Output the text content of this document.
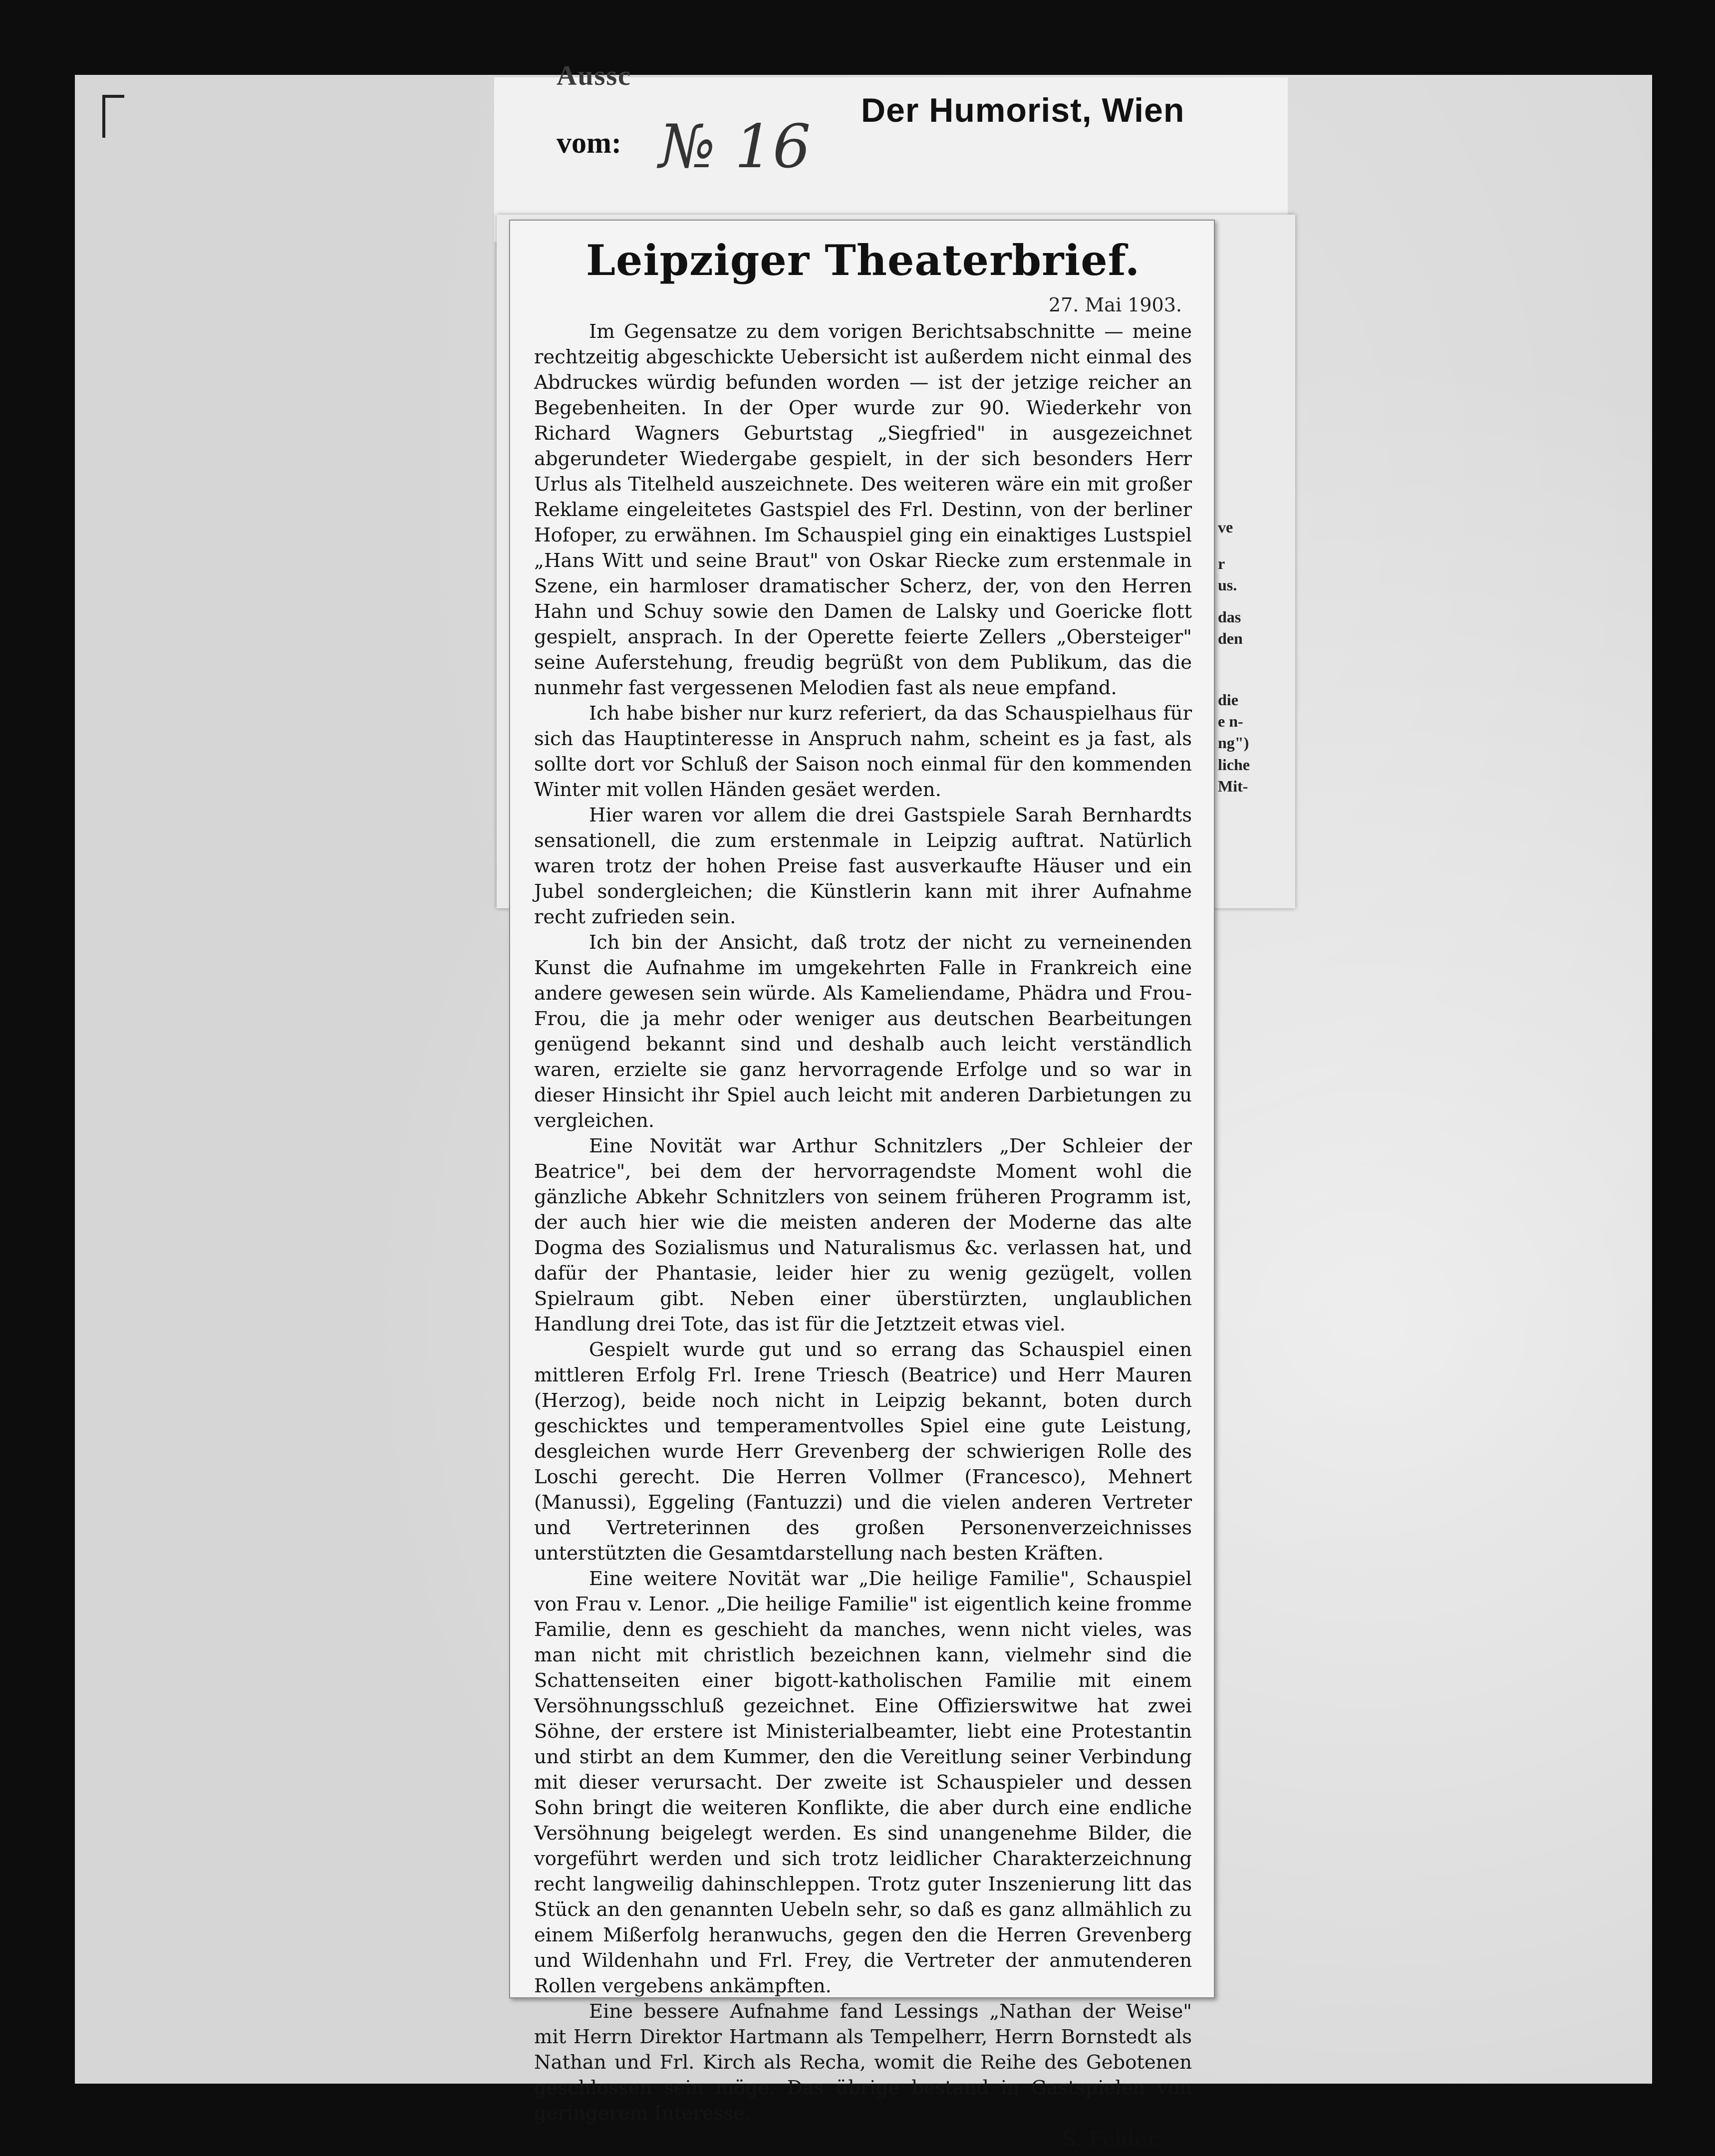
Aussc
vom: № 16
Der Humorist, Wien
ve
r
us.
das
den
die
e n-
ng")
liche
Mit-
Leipziger Theaterbrief.
27. Mai 1903.

Im Gegensatze zu dem vorigen Berichtsabschnitte — meine rechtzeitig abgeschickte Uebersicht ist außerdem nicht einmal des Abdruckes würdig befunden worden — ist der jetzige reicher an Begebenheiten. In der Oper wurde zur 90. Wiederkehr von Richard Wagners Geburtstag „Siegfried" in ausgezeichnet abgerundeter Wiedergabe gespielt, in der sich besonders Herr Urlus als Titelheld auszeichnete. Des weiteren wäre ein mit großer Reklame eingeleitetes Gastspiel des Frl. Destinn, von der berliner Hofoper, zu erwähnen. Im Schauspiel ging ein einaktiges Lustspiel „Hans Witt und seine Braut" von Oskar Riecke zum erstenmale in Szene, ein harmloser dramatischer Scherz, der, von den Herren Hahn und Schuy sowie den Damen de Lalsky und Goericke flott gespielt, ansprach. In der Operette feierte Zellers „Obersteiger" seine Auferstehung, freudig begrüßt von dem Publikum, das die nunmehr fast vergessenen Melodien fast als neue empfand.

Ich habe bisher nur kurz referiert, da das Schauspielhaus für sich das Hauptinteresse in Anspruch nahm, scheint es ja fast, als sollte dort vor Schluß der Saison noch einmal für den kommenden Winter mit vollen Händen gesäet werden.

Hier waren vor allem die drei Gastspiele Sarah Bernhardts sensationell, die zum erstenmale in Leipzig auftrat. Natürlich waren trotz der hohen Preise fast ausverkaufte Häuser und ein Jubel sondergleichen; die Künstlerin kann mit ihrer Aufnahme recht zufrieden sein.

Ich bin der Ansicht, daß trotz der nicht zu verneinenden Kunst die Aufnahme im umgekehrten Falle in Frankreich eine andere gewesen sein würde. Als Kameliendame, Phädra und Frou-Frou, die ja mehr oder weniger aus deutschen Bearbeitungen genügend bekannt sind und deshalb auch leicht verständlich waren, erzielte sie ganz hervorragende Erfolge und so war in dieser Hinsicht ihr Spiel auch leicht mit anderen Darbietungen zu vergleichen.

Eine Novität war Arthur Schnitzlers „Der Schleier der Beatrice", bei dem der hervorragendste Moment wohl die gänzliche Abkehr Schnitzlers von seinem früheren Programm ist, der auch hier wie die meisten anderen der Moderne das alte Dogma des Sozialismus und Naturalismus &c. verlassen hat, und dafür der Phantasie, leider hier zu wenig gezügelt, vollen Spielraum gibt. Neben einer überstürzten, unglaublichen Handlung drei Tote, das ist für die Jetztzeit etwas viel.

Gespielt wurde gut und so errang das Schauspiel einen mittleren Erfolg Frl. Irene Triesch (Beatrice) und Herr Mauren (Herzog), beide noch nicht in Leipzig bekannt, boten durch geschicktes und temperamentvolles Spiel eine gute Leistung, desgleichen wurde Herr Grevenberg der schwierigen Rolle des Loschi gerecht. Die Herren Vollmer (Francesco), Mehnert (Manussi), Eggeling (Fantuzzi) und die vielen anderen Vertreter und Vertreterinnen des großen Personenverzeichnisses unterstützten die Gesamtdarstellung nach besten Kräften.

Eine weitere Novität war „Die heilige Familie", Schauspiel von Frau v. Lenor. „Die heilige Familie" ist eigentlich keine fromme Familie, denn es geschieht da manches, wenn nicht vieles, was man nicht mit christlich bezeichnen kann, vielmehr sind die Schattenseiten einer bigott-katholischen Familie mit einem Versöhnungsschluß gezeichnet. Eine Offizierswitwe hat zwei Söhne, der erstere ist Ministerialbeamter, liebt eine Protestantin und stirbt an dem Kummer, den die Vereitlung seiner Verbindung mit dieser verursacht. Der zweite ist Schauspieler und dessen Sohn bringt die weiteren Konflikte, die aber durch eine endliche Versöhnung beigelegt werden. Es sind unangenehme Bilder, die vorgeführt werden und sich trotz leidlicher Charakterzeichnung recht langweilig dahinschleppen. Trotz guter Inszenierung litt das Stück an den genannten Uebeln sehr, so daß es ganz allmählich zu einem Mißerfolg heranwuchs, gegen den die Herren Grevenberg und Wildenhahn und Frl. Frey, die Vertreter der anmutenderen Rollen vergebens ankämpften.

Eine bessere Aufnahme fand Lessings „Nathan der Weise" mit Herrn Direktor Hartmann als Tempelherr, Herrn Bornstedt als Nathan und Frl. Kirch als Recha, womit die Reihe des Gebotenen geschlossen sein möge. Das übrige bestand in Gastspielen von geringerem Interesse.

S. Felder.
